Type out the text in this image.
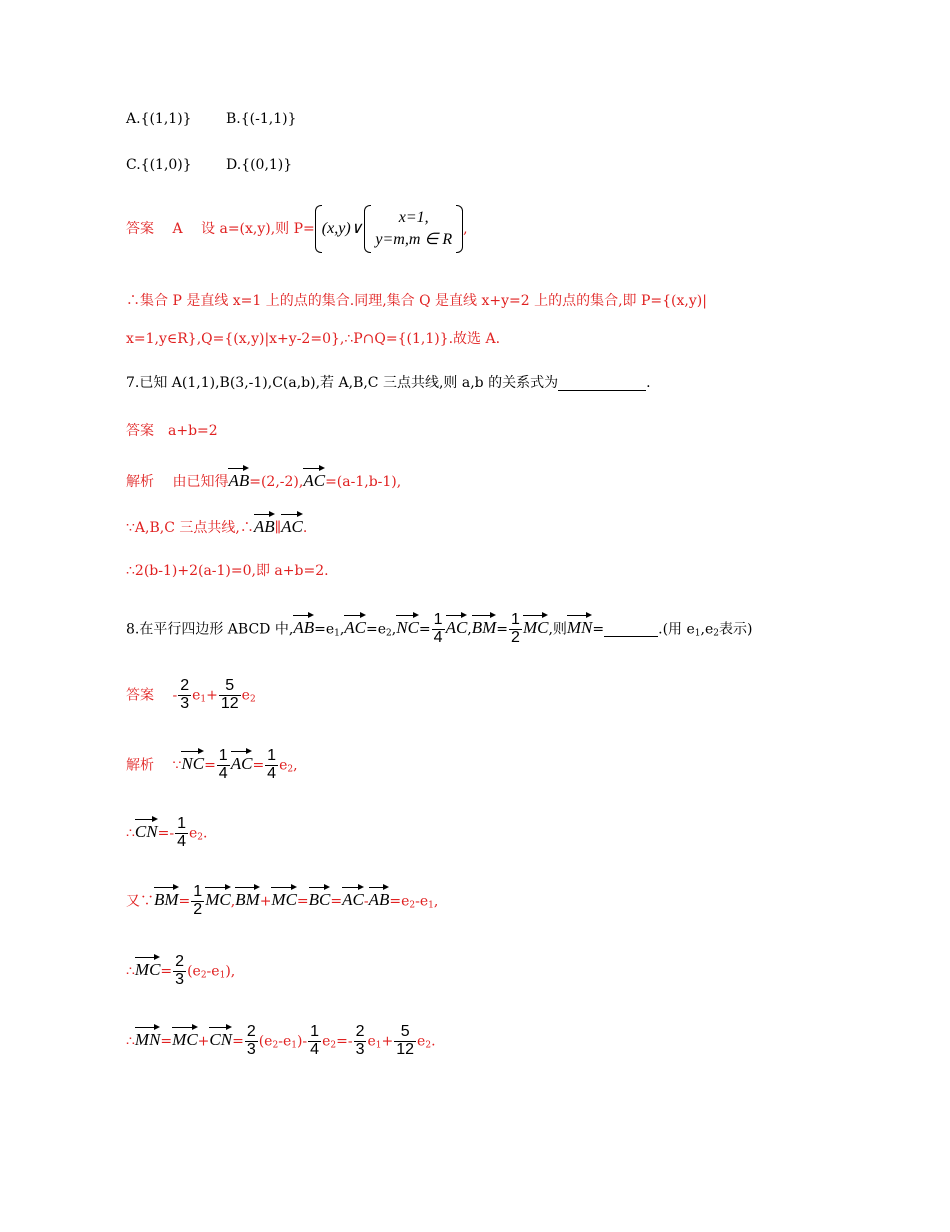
A.{(1,1)} B.{(-1,1)}
C.{(1,0)} D.{(0,1)}
答案 A 设 a=(x,y),则 P= (x,y)∨
x=1,
y=m,m ∈ R
,
∴集合 P 是直线 x=1 上的点的集合.同理,集合 Q 是直线 x+y=2 上的点的集合,即 P={(x,y)|
x=1,y∈R},Q={(x,y)|x+y-2=0},∴P∩Q={(1,1)}.故选 A.
7.已知 A(1,1),B(3,-1),C(a,b),若 A,B,C 三点共线,则 a,b 的关系式为	.
答案 a+b=2
解析 由已知得AB=(2,-2),AC=(a-1,b-1),
∵A,B,C 三点共线,∴AB∥AC.
∴2(b-1)+2(a-1)=0,即 a+b=2.
8.在平行四边形 ABCD 中$,AB=e_1,AC=e_2,NC= \frac{1}{4} AC,BM= \frac{1}{2}$ MC,则MN=	.(用 $e_1,e_2$表示)
答案 - $\frac{2}{3} e_1+ \frac{5}{12} e_2$
解析 ∵NC= $\frac{1}{4} AC= \frac{1}{4} e_2$,
∴CN=- $\frac{1}{4} e_2$.
又∵BM= $\frac{1}{2} MC,BM+MC=BC=AC-AB=e_2-e_1$,
∴MC= $\frac{2}{3} (e_2-e_1)$,
∴MN=MC+CN= $\frac{2}{3} (e_2-e_1)- \frac{1}{4} e_2=- \frac{2}{3} e_1+ \frac{5}{12} e_2$.
